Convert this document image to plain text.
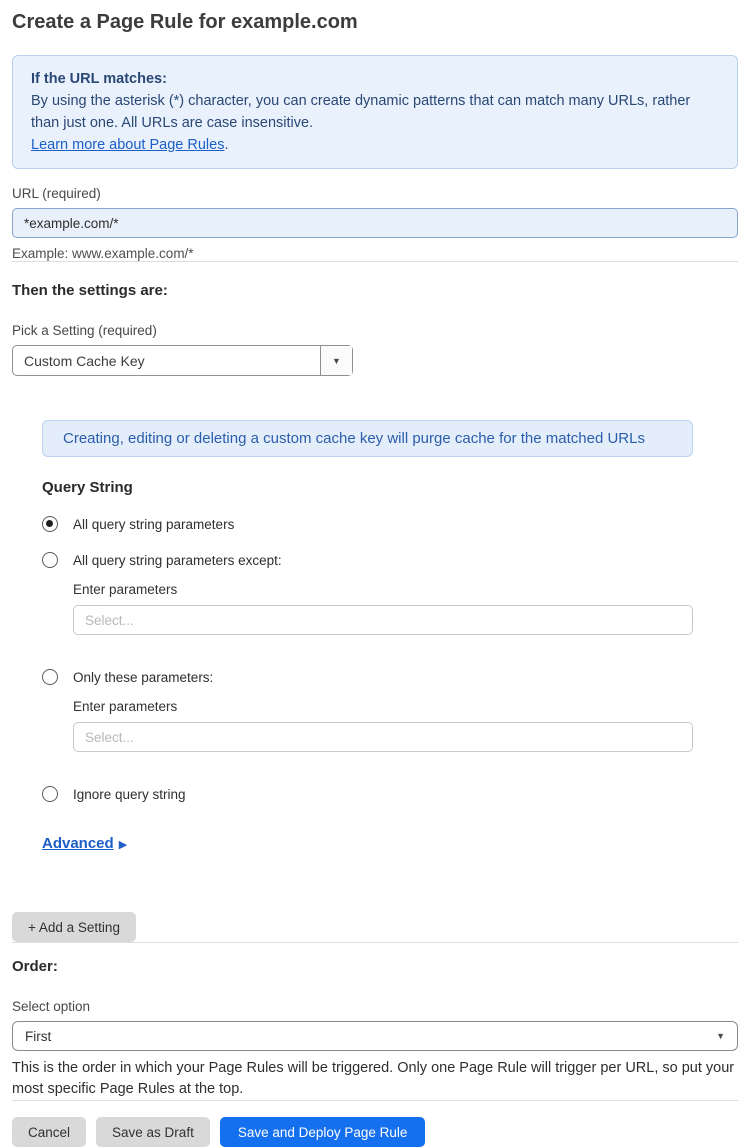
Create a Page Rule for example.com
If the URL matches:
By using the asterisk (*) character, you can create dynamic patterns that can match many URLs, rather than just one. All URLs are case insensitive.
Learn more about Page Rules.
URL (required)
*example.com/*
Example: www.example.com/*
Then the settings are:
Pick a Setting (required)
Custom Cache Key	▼
Creating, editing or deleting a custom cache key will purge cache for the matched URLs
Query String
All query string parameters
All query string parameters except:
Enter parameters
Select...
Only these parameters:
Enter parameters
Select...
Ignore query string
Advanced ▶
+ Add a Setting
Order:
Select option
First	▼

This is the order in which your Page Rules will be triggered. Only one Page Rule will trigger per URL, so put your most specific Page Rules at the top.

Cancel	Save as Draft	Save and Deploy Page Rule
